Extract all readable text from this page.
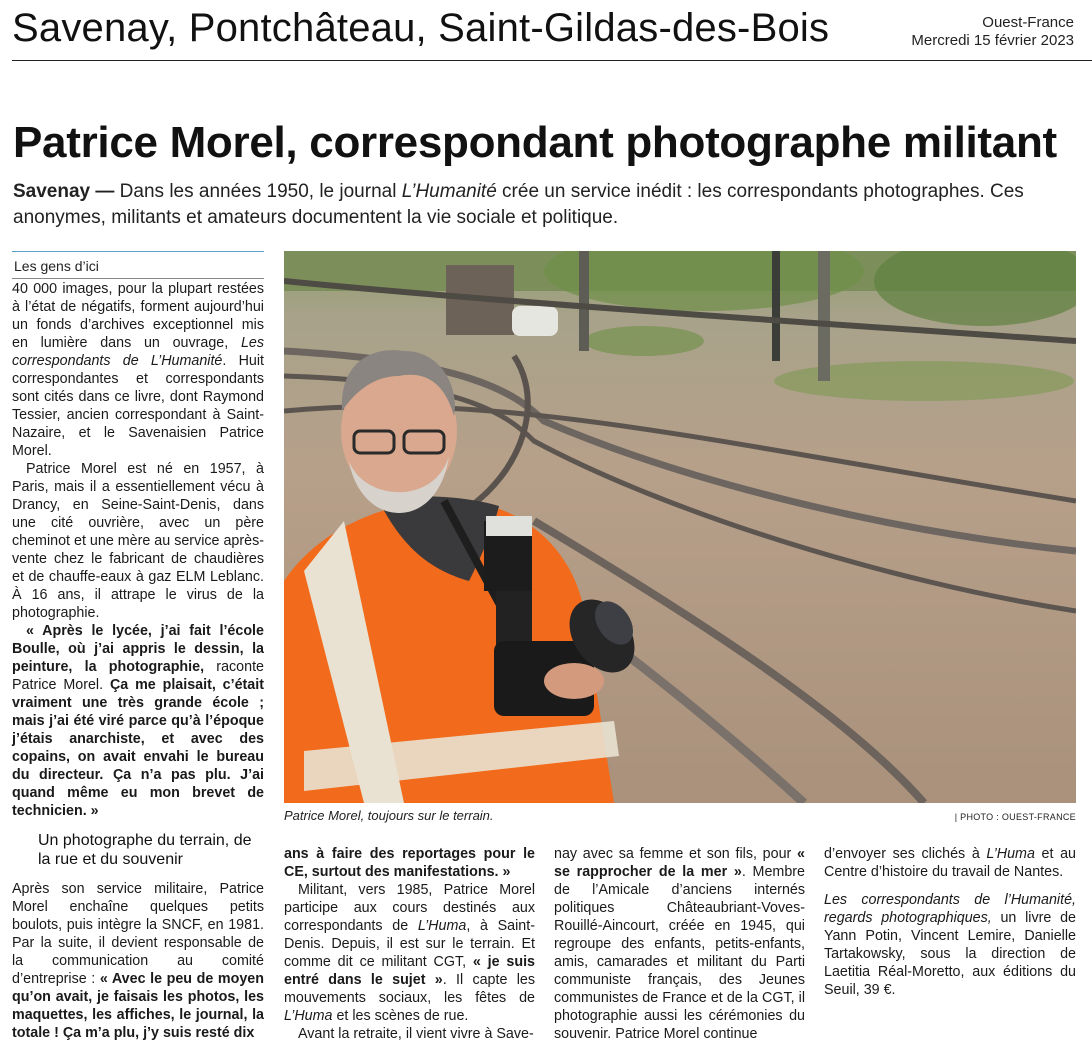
Savenay, Pontchâteau, Saint-Gildas-des-Bois	Ouest-France
Mercredi 15 février 2023
Patrice Morel, correspondant photographe militant
Savenay — Dans les années 1950, le journal L’Humanité crée un service inédit : les correspondants photographes. Ces anonymes, militants et amateurs documentent la vie sociale et politique.
Les gens d’ici

40 000 images, pour la plupart restées à l’état de négatifs, forment aujourd’hui un fonds d’archives exceptionnel mis en lumière dans un ouvrage, Les correspondants de L’Humanité. Huit correspondantes et correspondants sont cités dans ce livre, dont Raymond Tessier, ancien correspondant à Saint-Nazaire, et le Savenaisien Patrice Morel.

Patrice Morel est né en 1957, à Paris, mais il a essentiellement vécu à Drancy, en Seine-Saint-Denis, dans une cité ouvrière, avec un père cheminot et une mère au service après-vente chez le fabricant de chaudières et de chauffe-eaux à gaz ELM Leblanc. À 16 ans, il attrape le virus de la photographie.

« Après le lycée, j’ai fait l’école Boulle, où j’ai appris le dessin, la peinture, la photographie, raconte Patrice Morel. Ça me plaisait, c’était vraiment une très grande école ; mais j’ai été viré parce qu’à l’époque j’étais anarchiste, et avec des copains, on avait envahi le bureau du directeur. Ça n’a pas plu. J’ai quand même eu mon brevet de technicien. »

Un photographe du terrain, de la rue et du souvenir

Après son service militaire, Patrice Morel enchaîne quelques petits boulots, puis intègre la SNCF, en 1981. Par la suite, il devient responsable de la communication au comité d’entreprise : « Avec le peu de moyen qu’on avait, je faisais les photos, les maquettes, les affiches, le journal, la totale ! Ça m’a plu, j’y suis resté dix

Patrice Morel, toujours sur le terrain.	| PHOTO : OUEST-FRANCE

ans à faire des reportages pour le CE, surtout des manifestations. »

Militant, vers 1985, Patrice Morel participe aux cours destinés aux correspondants de L’Huma, à Saint-Denis. Depuis, il est sur le terrain. Et comme dit ce militant CGT, « je suis entré dans le sujet ». Il capte les mouvements sociaux, les fêtes de L’Huma et les scènes de rue.

Avant la retraite, il vient vivre à Save-

nay avec sa femme et son fils, pour « se rapprocher de la mer ». Membre de l’Amicale d’anciens internés politiques Châteaubriant-Voves-Rouillé-Aincourt, créée en 1945, qui regroupe des enfants, petits-enfants, amis, camarades et militant du Parti communiste français, des Jeunes communistes de France et de la CGT, il photographie aussi les cérémonies du souvenir. Patrice Morel continue

d’envoyer ses clichés à L’Huma et au Centre d’histoire du travail de Nantes.

Les correspondants de l’Humanité, regards photographiques, un livre de Yann Potin, Vincent Lemire, Danielle Tartakowsky, sous la direction de Laetitia Réal-Moretto, aux éditions du Seuil, 39 €.
